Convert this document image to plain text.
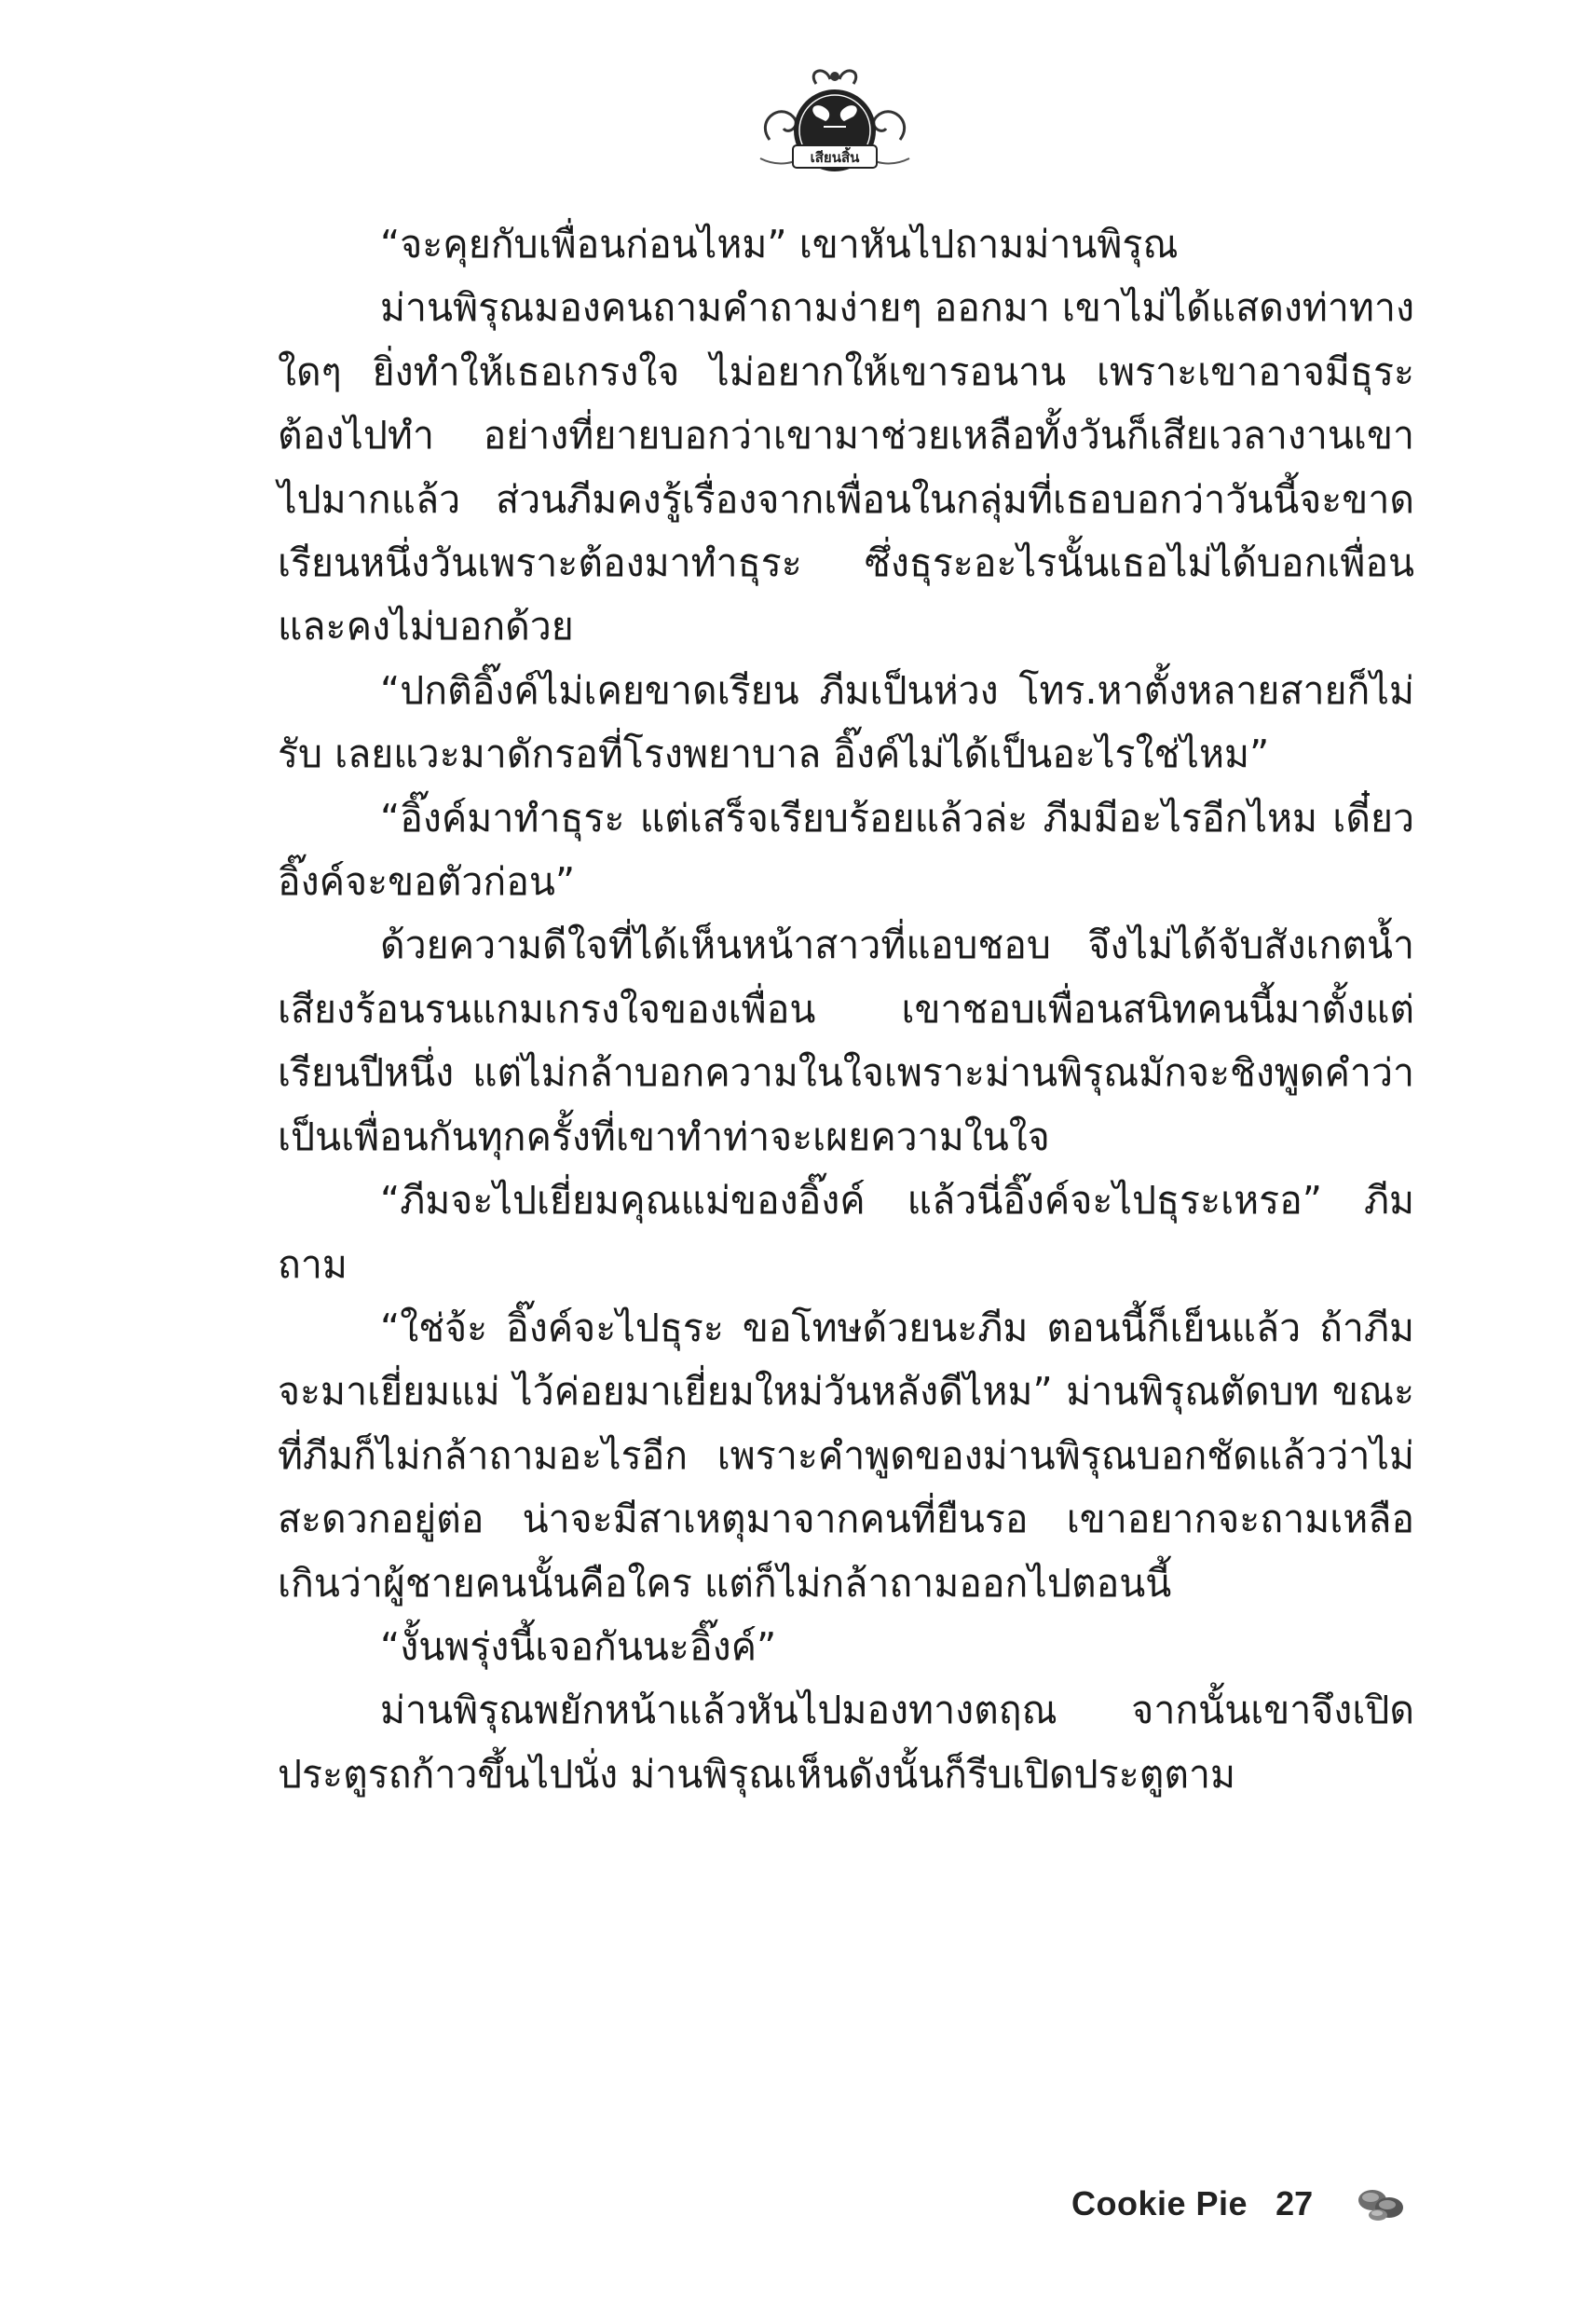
เสียนสิ้น

“จะคุยกับเพื่อนก่อนไหม” เขาหันไปถามม่านพิรุณ

ม่านพิรุณมองคนถามคำถามง่ายๆ ออกมา เขาไม่ได้แสดงท่าทางใดๆ ยิ่งทำให้เธอเกรงใจ ไม่อยากให้เขารอนาน เพราะเขาอาจมีธุระต้องไปทำ อย่างที่ยายบอกว่าเขามาช่วยเหลือทั้งวันก็เสียเวลางานเขาไปมากแล้ว ส่วนภีมคงรู้เรื่องจากเพื่อนในกลุ่มที่เธอบอกว่าวันนี้จะขาดเรียนหนึ่งวันเพราะต้องมาทำธุระ ซึ่งธุระอะไรนั้นเธอไม่ได้บอกเพื่อนและคงไม่บอกด้วย

“ปกติอิ๊งค์ไม่เคยขาดเรียน ภีมเป็นห่วง โทร.หาตั้งหลายสายก็ไม่รับ เลยแวะมาดักรอที่โรงพยาบาล อิ๊งค์ไม่ได้เป็นอะไรใช่ไหม”

“อิ๊งค์มาทำธุระ แต่เสร็จเรียบร้อยแล้วล่ะ ภีมมีอะไรอีกไหม เดี๋ยวอิ๊งค์จะขอตัวก่อน”

ด้วยความดีใจที่ได้เห็นหน้าสาวที่แอบชอบ จึงไม่ได้จับสังเกตน้ำเสียงร้อนรนแกมเกรงใจของเพื่อน เขาชอบเพื่อนสนิทคนนี้มาตั้งแต่เรียนปีหนึ่ง แต่ไม่กล้าบอกความในใจเพราะม่านพิรุณมักจะชิงพูดคำว่าเป็นเพื่อนกันทุกครั้งที่เขาทำท่าจะเผยความในใจ

“ภีมจะไปเยี่ยมคุณแม่ของอิ๊งค์ แล้วนี่อิ๊งค์จะไปธุระเหรอ” ภีมถาม

“ใช่จ้ะ อิ๊งค์จะไปธุระ ขอโทษด้วยนะภีม ตอนนี้ก็เย็นแล้ว ถ้าภีมจะมาเยี่ยมแม่ ไว้ค่อยมาเยี่ยมใหม่วันหลังดีไหม” ม่านพิรุณตัดบท ขณะที่ภีมก็ไม่กล้าถามอะไรอีก เพราะคำพูดของม่านพิรุณบอกชัดแล้วว่าไม่สะดวกอยู่ต่อ น่าจะมีสาเหตุมาจากคนที่ยืนรอ เขาอยากจะถามเหลือเกินว่าผู้ชายคนนั้นคือใคร แต่ก็ไม่กล้าถามออกไปตอนนี้

“งั้นพรุ่งนี้เจอกันนะอิ๊งค์”

ม่านพิรุณพยักหน้าแล้วหันไปมองทางตฤณ จากนั้นเขาจึงเปิดประตูรถก้าวขึ้นไปนั่ง ม่านพิรุณเห็นดังนั้นก็รีบเปิดประตูตาม

Cookie Pie 27
